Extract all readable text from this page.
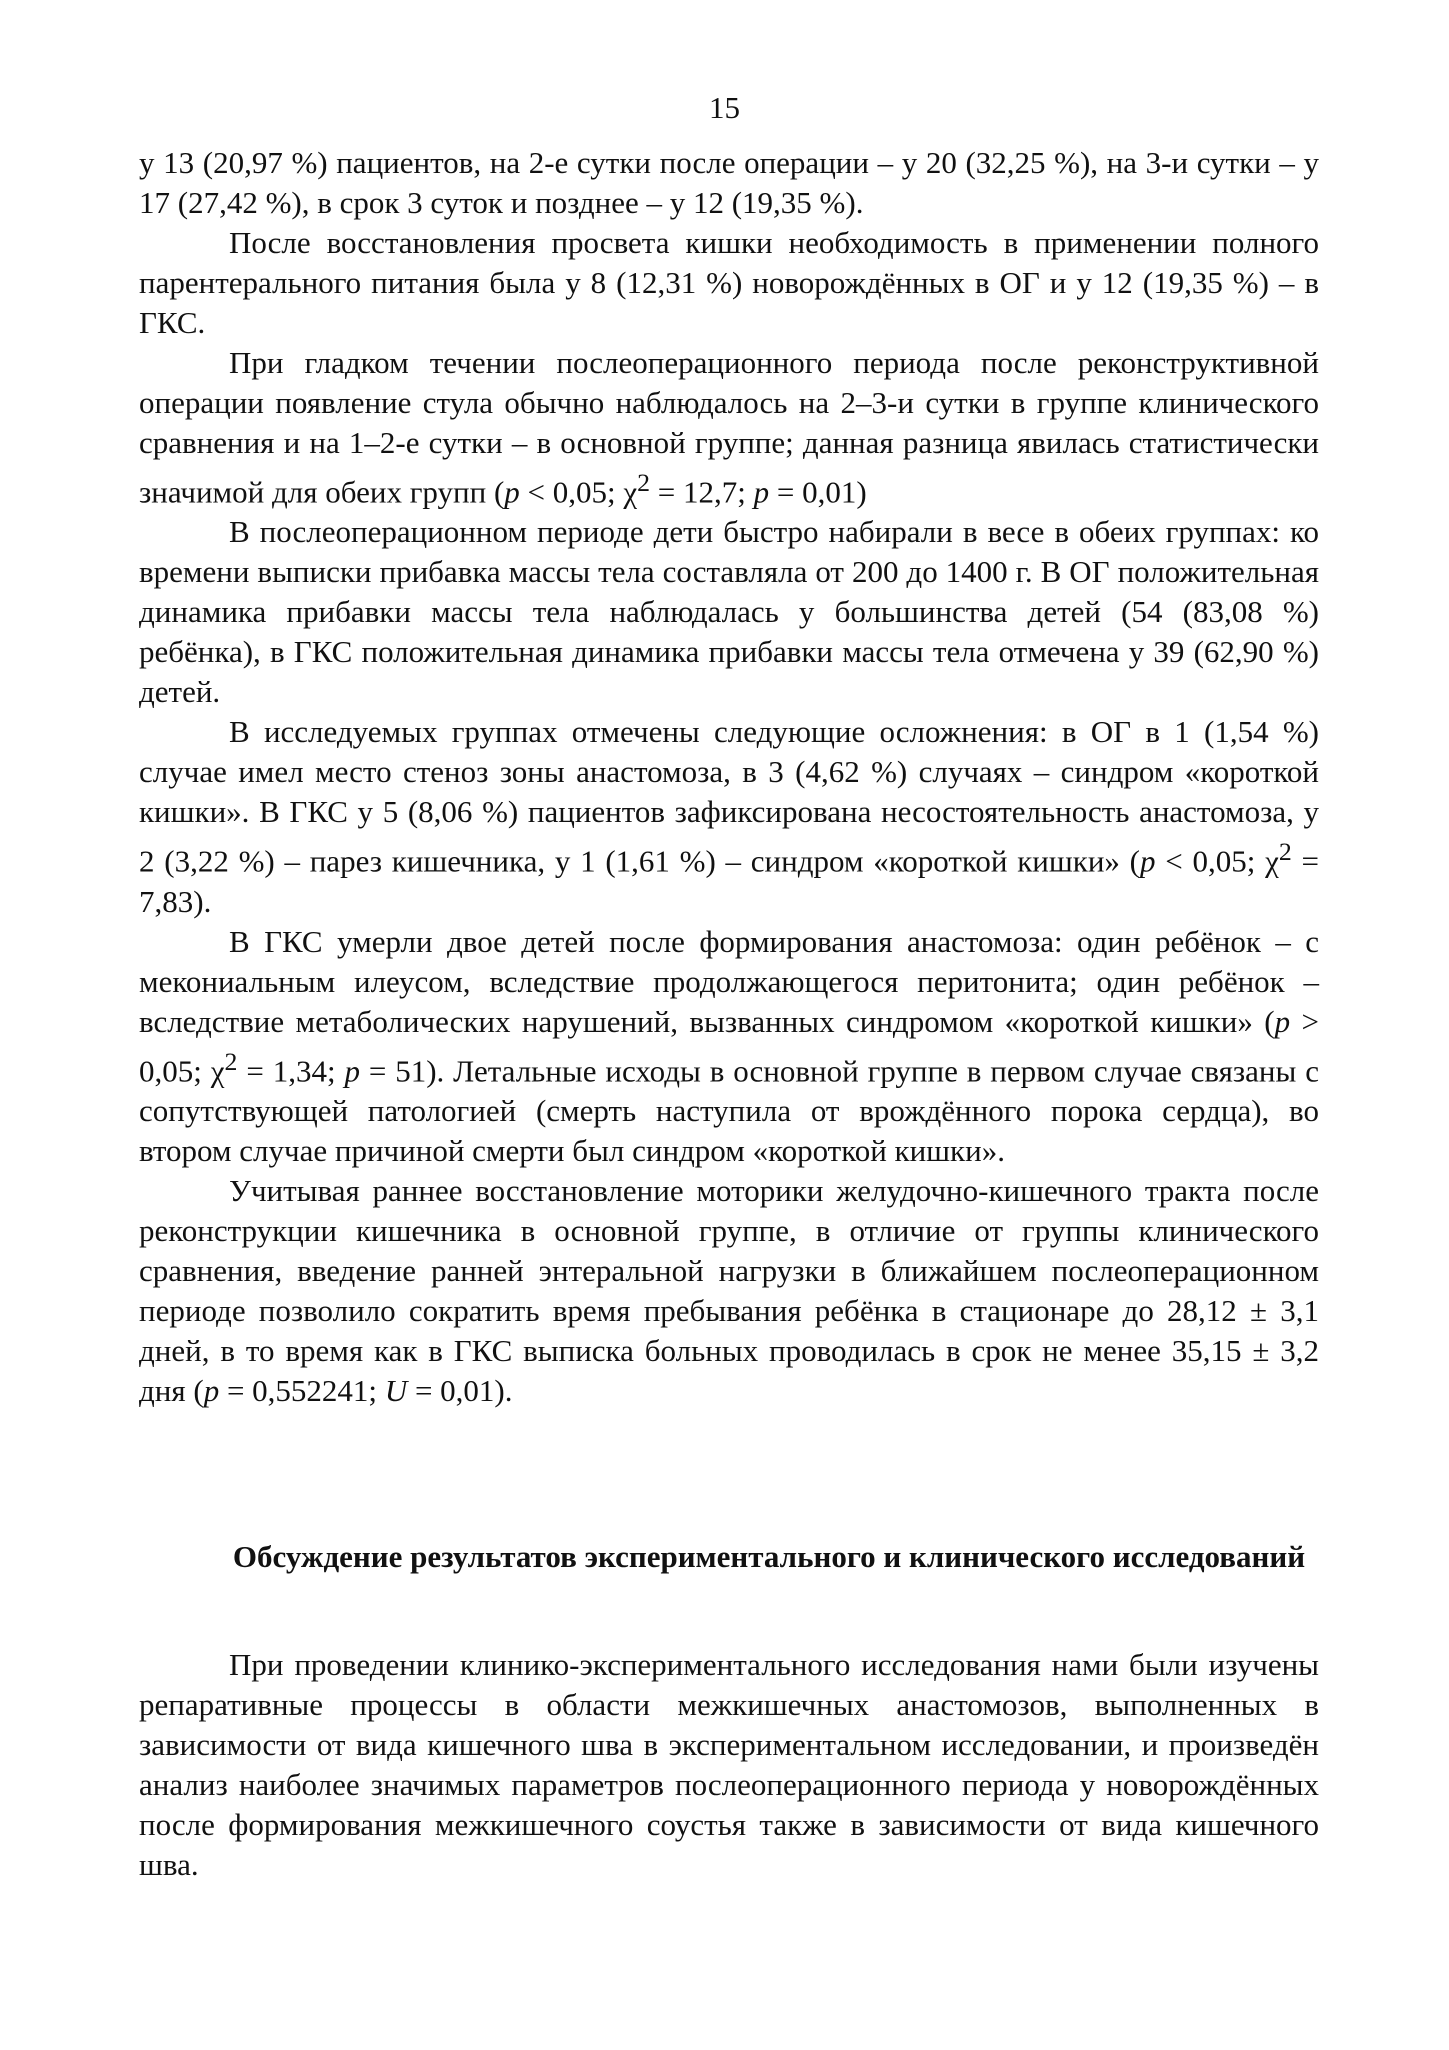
15

у 13 (20,97 %) пациентов, на 2-е сутки после операции – у 20 (32,25 %), на 3-и сутки – у 17 (27,42 %), в срок 3 суток и позднее – у 12 (19,35 %).

После восстановления просвета кишки необходимость в применении полного парентерального питания была у 8 (12,31 %) новорождённых в ОГ и у 12 (19,35 %) – в ГКС.

При гладком течении послеоперационного периода после реконструктивной операции появление стула обычно наблюдалось на 2–3-и сутки в группе клинического сравнения и на 1–2-е сутки – в основной группе; данная разница явилась статистически значимой для обеих групп (p < 0,05; $\chi^2 = 12,7$; p = 0,01)

В послеоперационном периоде дети быстро набирали в весе в обеих группах: ко времени выписки прибавка массы тела составляла от 200 до 1400 г. В ОГ положительная динамика прибавки массы тела наблюдалась у большинства детей (54 (83,08 %) ребёнка), в ГКС положительная динамика прибавки массы тела отмечена у 39 (62,90 %) детей.

В исследуемых группах отмечены следующие осложнения: в ОГ в 1 (1,54 %) случае имел место стеноз зоны анастомоза, в 3 (4,62 %) случаях – синдром «короткой кишки». В ГКС у 5 (8,06 %) пациентов зафиксирована несостоятельность анастомоза, у 2 (3,22 %) – парез кишечника, у 1 (1,61 %) – синдром «короткой кишки» (p < 0,05; $\chi^2 = 7,83$).

В ГКС умерли двое детей после формирования анастомоза: один ребёнок – с мекониальным илеусом, вследствие продолжающегося перитонита; один ребёнок – вследствие метаболических нарушений, вызванных синдромом «короткой кишки» (p > 0,05; $\chi^2 = 1,34$; p = 51). Летальные исходы в основной группе в первом случае связаны с сопутствующей патологией (смерть наступила от врождённого порока сердца), во втором случае причиной смерти был синдром «короткой кишки».

Учитывая раннее восстановление моторики желудочно-кишечного тракта после реконструкции кишечника в основной группе, в отличие от группы клинического сравнения, введение ранней энтеральной нагрузки в ближайшем послеоперационном периоде позволило сократить время пребывания ребёнка в стационаре до 28,12 ± 3,1 дней, в то время как в ГКС выписка больных проводилась в срок не менее 35,15 ± 3,2 дня (p = 0,552241; U = 0,01).

Обсуждение результатов экспериментального и клинического исследований

При проведении клинико-экспериментального исследования нами были изучены репаративные процессы в области межкишечных анастомозов, выполненных в зависимости от вида кишечного шва в экспериментальном исследовании, и произведён анализ наиболее значимых параметров послеоперационного периода у новорождённых после формирования межкишечного соустья также в зависимости от вида кишечного шва.
